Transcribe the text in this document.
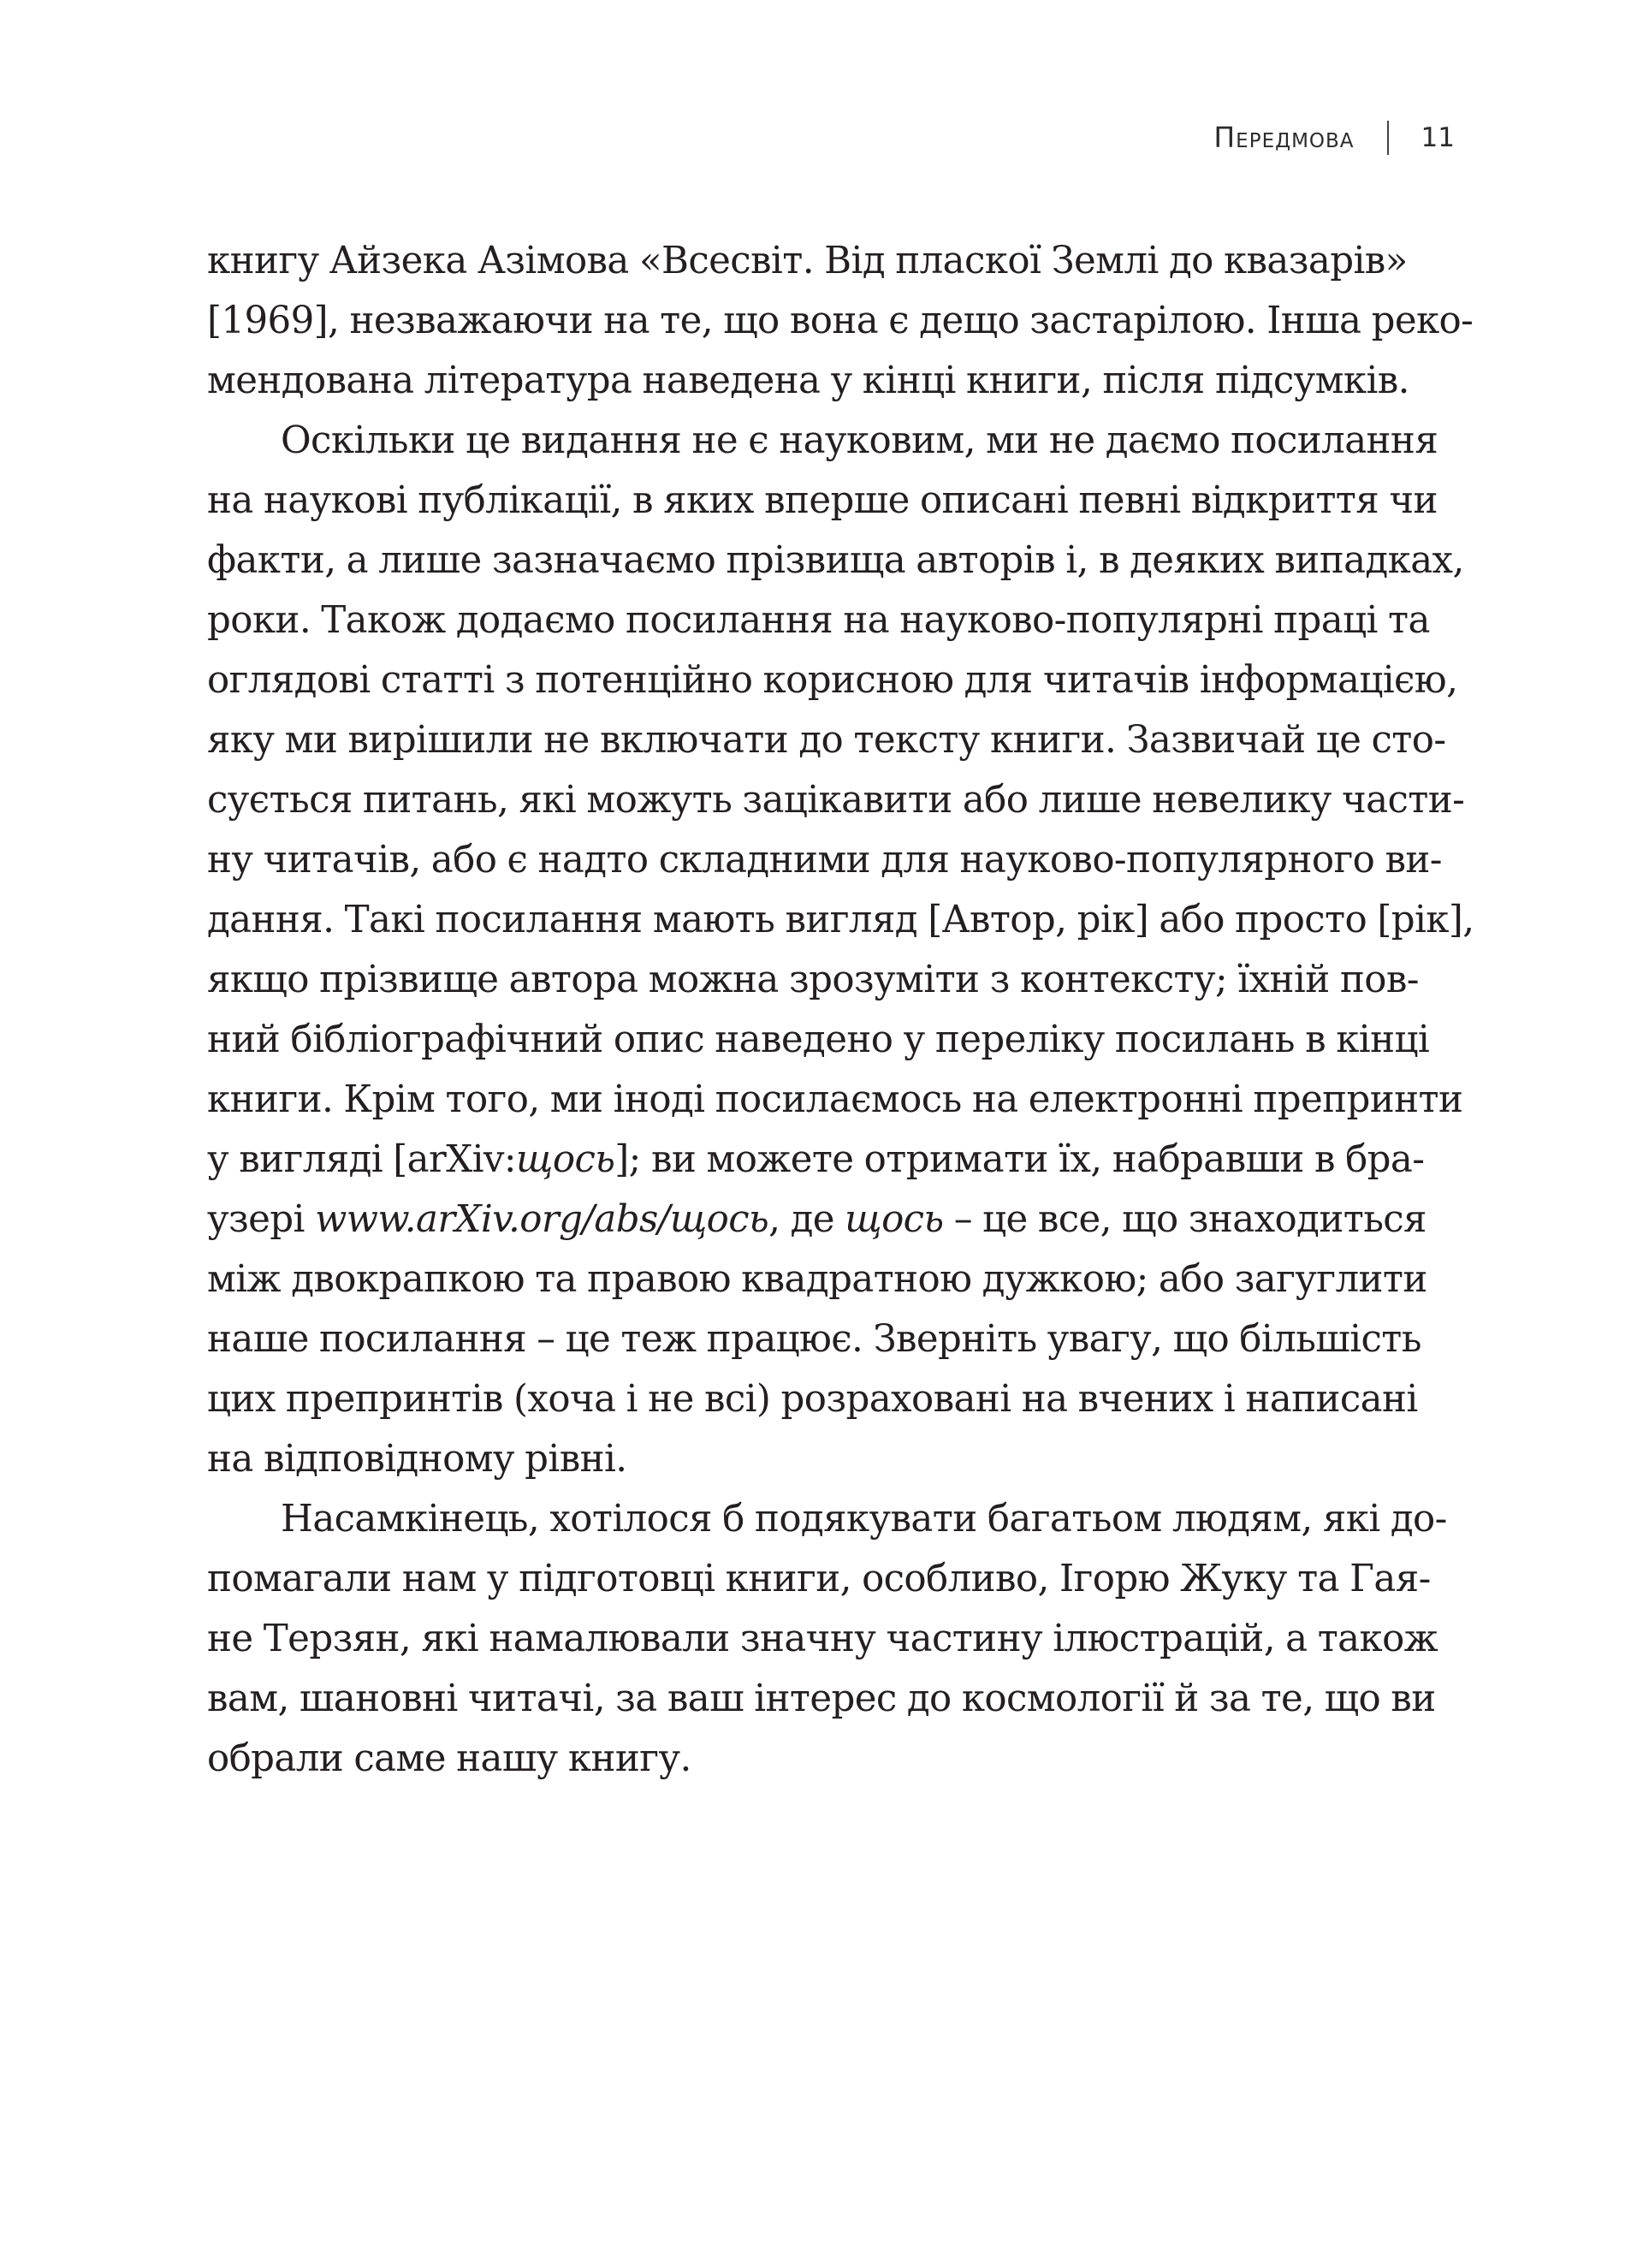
Передмова	11
книгу Айзека Азімова «Всесвіт. Від пласкої Землі до квазарів»
[1969], незважаючи на те, що вона є дещо застарілою. Інша реко-
мендована література наведена у кінці книги, після підсумків.
Оскільки це видання не є науковим, ми не даємо посилання
на наукові публікації, в яких вперше описані певні відкриття чи
факти, а лише зазначаємо прізвища авторів і, в деяких випадках,
роки. Також додаємо посилання на науково-популярні праці та
оглядові статті з потенційно корисною для читачів інформацією,
яку ми вирішили не включати до тексту книги. Зазвичай це сто-
сується питань, які можуть зацікавити або лише невелику части-
ну читачів, або є надто складними для науково-популярного ви-
дання. Такі посилання мають вигляд [Автор, рік] або просто [рік],
якщо прізвище автора можна зрозуміти з контексту; їхній пов-
ний бібліографічний опис наведено у переліку посилань в кінці
книги. Крім того, ми іноді посилаємось на електронні препринти
у вигляді [arXiv:щось]; ви можете отримати їх, набравши в бра-
узері www.arXiv.org/abs/щось, де щось – це все, що знаходиться
між двокрапкою та правою квадратною дужкою; або загуглити
наше посилання – це теж працює. Зверніть увагу, що більшість
цих препринтів (хоча і не всі) розраховані на вчених і написані
на відповідному рівні.
Насамкінець, хотілося б подякувати багатьом людям, які до-
помагали нам у підготовці книги, особливо, Ігорю Жуку та Гая-
не Терзян, які намалювали значну частину ілюстрацій, а також
вам, шановні читачі, за ваш інтерес до космології й за те, що ви
обрали саме нашу книгу.
